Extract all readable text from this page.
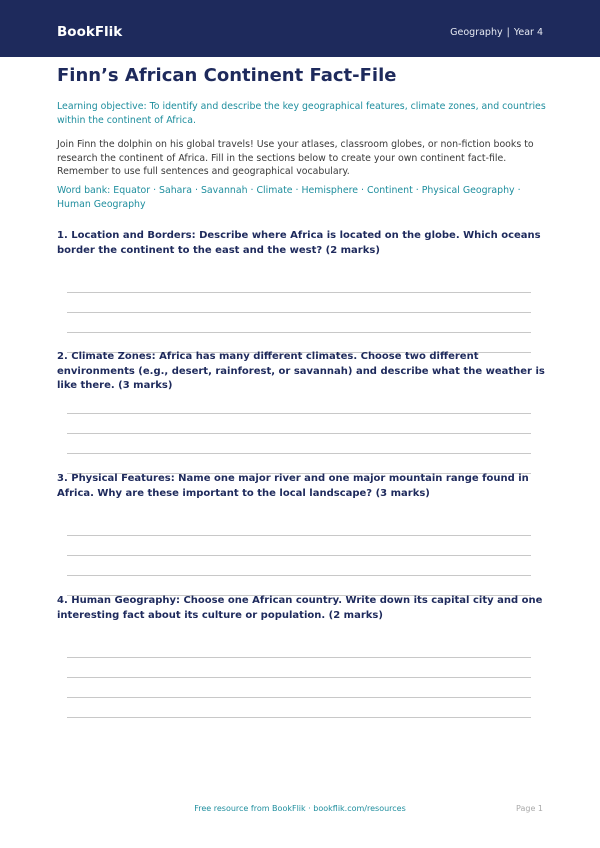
BookFlik	Geography | Year 4
Finn’s African Continent Fact-File

Learning objective: To identify and describe the key geographical features, climate zones, and countries within the continent of Africa.

Join Finn the dolphin on his global travels! Use your atlases, classroom globes, or non-fiction books to research the continent of Africa. Fill in the sections below to create your own continent fact-file. Remember to use full sentences and geographical vocabulary.

Word bank: Equator · Sahara · Savannah · Climate · Hemisphere · Continent · Physical Geography · Human Geography

1. Location and Borders: Describe where Africa is located on the globe. Which oceans border the continent to the east and the west? (2 marks)

2. Climate Zones: Africa has many different climates. Choose two different environments (e.g., desert, rainforest, or savannah) and describe what the weather is like there. (3 marks)

3. Physical Features: Name one major river and one major mountain range found in Africa. Why are these important to the local landscape? (3 marks)

4. Human Geography: Choose one African country. Write down its capital city and one interesting fact about its culture or population. (2 marks)

Free resource from BookFlik · bookflik.com/resources	Page 1
